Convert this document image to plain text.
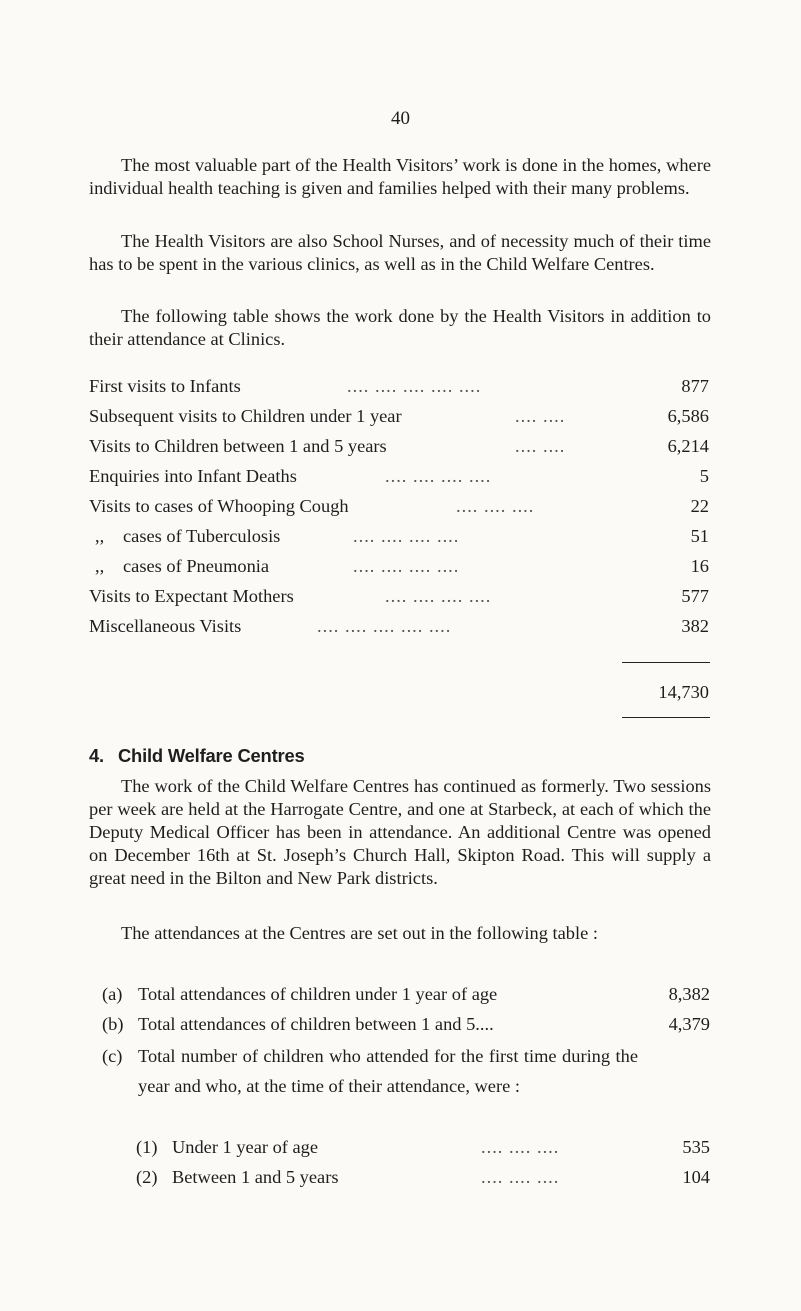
40

The most valuable part of the Health Visitors’ work is done in the homes, where individual health teaching is given and families helped with their many problems.

The Health Visitors are also School Nurses, and of necessity much of their time has to be spent in the various clinics, as well as in the Child Welfare Centres.

The following table shows the work done by the Health Visitors in addition to their attendance at Clinics.

First visits to Infants	.... .... .... .... ....	877
Subsequent visits to Children under 1 year	.... ....	6,586
Visits to Children between 1 and 5 years	.... ....	6,214
Enquiries into Infant Deaths	.... .... .... ....	5
Visits to cases of Whooping Cough	.... .... ....	22
,, cases of Tuberculosis	.... .... .... ....	51
,, cases of Pneumonia	.... .... .... ....	16
Visits to Expectant Mothers	.... .... .... ....	577
Miscellaneous Visits	.... .... .... .... ....	382
14,730
4. Child Welfare Centres

The work of the Child Welfare Centres has continued as formerly. Two sessions per week are held at the Harrogate Centre, and one at Starbeck, at each of which the Deputy Medical Officer has been in attendance. An additional Centre was opened on December 16th at St. Joseph’s Church Hall, Skipton Road. This will supply a great need in the Bilton and New Park districts.

The attendances at the Centres are set out in the following table :

(a) Total attendances of children under 1 year of age	8,382
(b) Total attendances of children between 1 and 5....	4,379
(c) Total number of children who attended for the first time during the year and who, at the time of their attendance, were :
(1) Under 1 year of age	.... .... ....	535
(2) Between 1 and 5 years	.... .... ....	104
